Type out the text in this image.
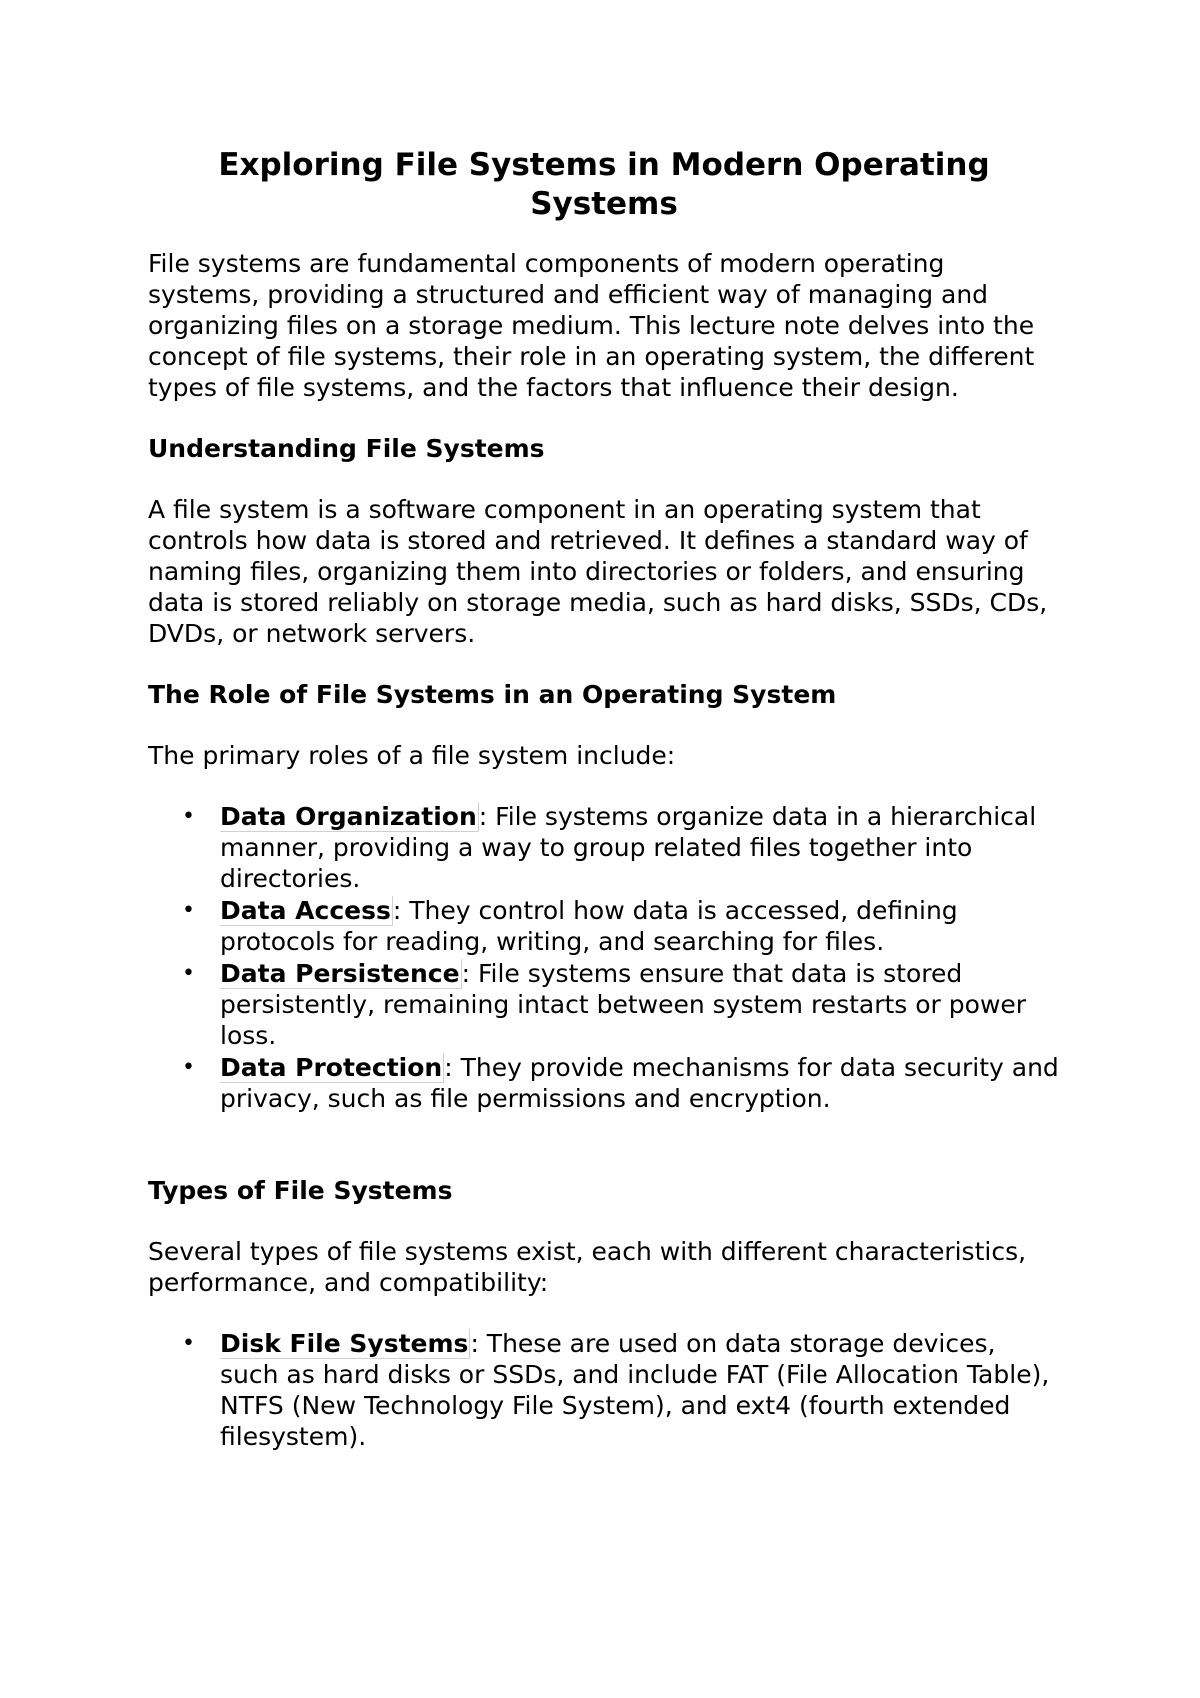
Exploring File Systems in Modern Operating Systems

File systems are fundamental components of modern operating systems, providing a structured and efficient way of managing and organizing files on a storage medium. This lecture note delves into the concept of file systems, their role in an operating system, the different types of file systems, and the factors that influence their design.

Understanding File Systems

A file system is a software component in an operating system that controls how data is stored and retrieved. It defines a standard way of naming files, organizing them into directories or folders, and ensuring data is stored reliably on storage media, such as hard disks, SSDs, CDs, DVDs, or network servers.

The Role of File Systems in an Operating System

The primary roles of a file system include:

• Data Organization: File systems organize data in a hierarchical manner, providing a way to group related files together into directories.
• Data Access: They control how data is accessed, defining protocols for reading, writing, and searching for files.
• Data Persistence: File systems ensure that data is stored persistently, remaining intact between system restarts or power loss.
• Data Protection: They provide mechanisms for data security and privacy, such as file permissions and encryption.
Types of File Systems

Several types of file systems exist, each with different characteristics, performance, and compatibility:

• Disk File Systems: These are used on data storage devices, such as hard disks or SSDs, and include FAT (File Allocation Table), NTFS (New Technology File System), and ext4 (fourth extended filesystem).
